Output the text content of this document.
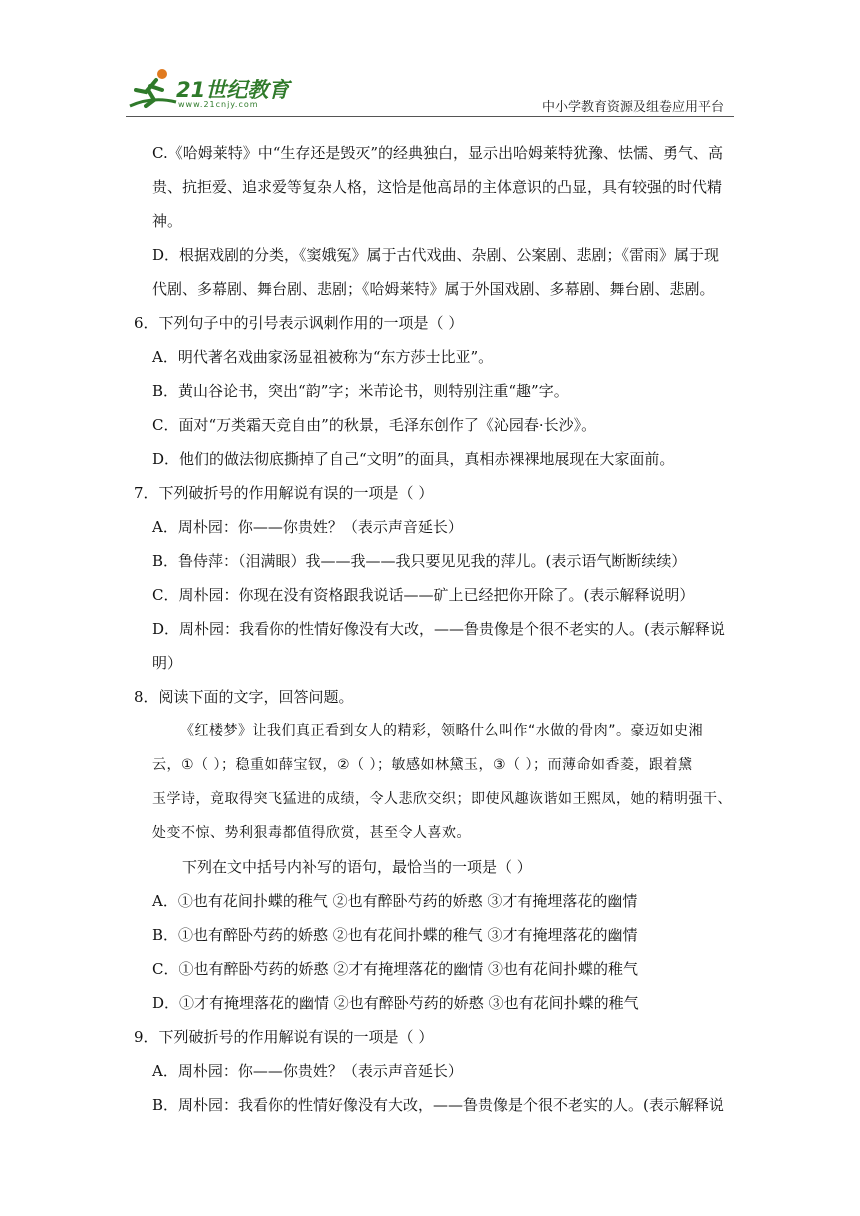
21世纪教育
www.21cnjy.com	中小学教育资源及组卷应用平台

C.《哈姆莱特》中“生存还是毁灭”的经典独白，显示出哈姆莱特犹豫、怯懦、勇气、高

贵、抗拒爱、追求爱等复杂人格，这恰是他高昂的主体意识的凸显，具有较强的时代精

神。

D．根据戏剧的分类，《窦娥冤》属于古代戏曲、杂剧、公案剧、悲剧；《雷雨》属于现

代剧、多幕剧、舞台剧、悲剧；《哈姆莱特》属于外国戏剧、多幕剧、舞台剧、悲剧。

6．下列句子中的引号表示讽刺作用的一项是（ ）

A．明代著名戏曲家汤显祖被称为“东方莎士比亚”。

B．黄山谷论书，突出“韵”字；米芾论书，则特别注重“趣”字。

C．面对“万类霜天竞自由”的秋景，毛泽东创作了《沁园春·长沙》。

D．他们的做法彻底撕掉了自己“文明”的面具，真相赤裸裸地展现在大家面前。

7．下列破折号的作用解说有误的一项是（ ）

A．周朴园：你——你贵姓？（表示声音延长）

B．鲁侍萍：（泪满眼）我——我——我只要见见我的萍儿。(表示语气断断续续）

C．周朴园：你现在没有资格跟我说话——矿上已经把你开除了。(表示解释说明）

D．周朴园：我看你的性情好像没有大改，——鲁贵像是个很不老实的人。(表示解释说

明）

8．阅读下面的文字，回答问题。

《红楼梦》让我们真正看到女人的精彩，领略什么叫作“水做的骨肉”。豪迈如史湘

云，①（ ）；稳重如薛宝钗，②（ ）；敏感如林黛玉，③（ ）；而薄命如香菱，跟着黛

玉学诗，竟取得突飞猛进的成绩，令人悲欣交织；即使风趣诙谐如王熙凤，她的精明强干、

处变不惊、势利狠毒都值得欣赏，甚至令人喜欢。

下列在文中括号内补写的语句，最恰当的一项是（ ）

A．①也有花间扑蝶的稚气 ②也有醉卧芍药的娇憨 ③才有掩埋落花的幽情

B．①也有醉卧芍药的娇憨 ②也有花间扑蝶的稚气 ③才有掩埋落花的幽情

C．①也有醉卧芍药的娇憨 ②才有掩埋落花的幽情 ③也有花间扑蝶的稚气

D．①才有掩埋落花的幽情 ②也有醉卧芍药的娇憨 ③也有花间扑蝶的稚气

9．下列破折号的作用解说有误的一项是（ ）

A．周朴园：你——你贵姓？（表示声音延长）

B．周朴园：我看你的性情好像没有大改，——鲁贵像是个很不老实的人。(表示解释说
